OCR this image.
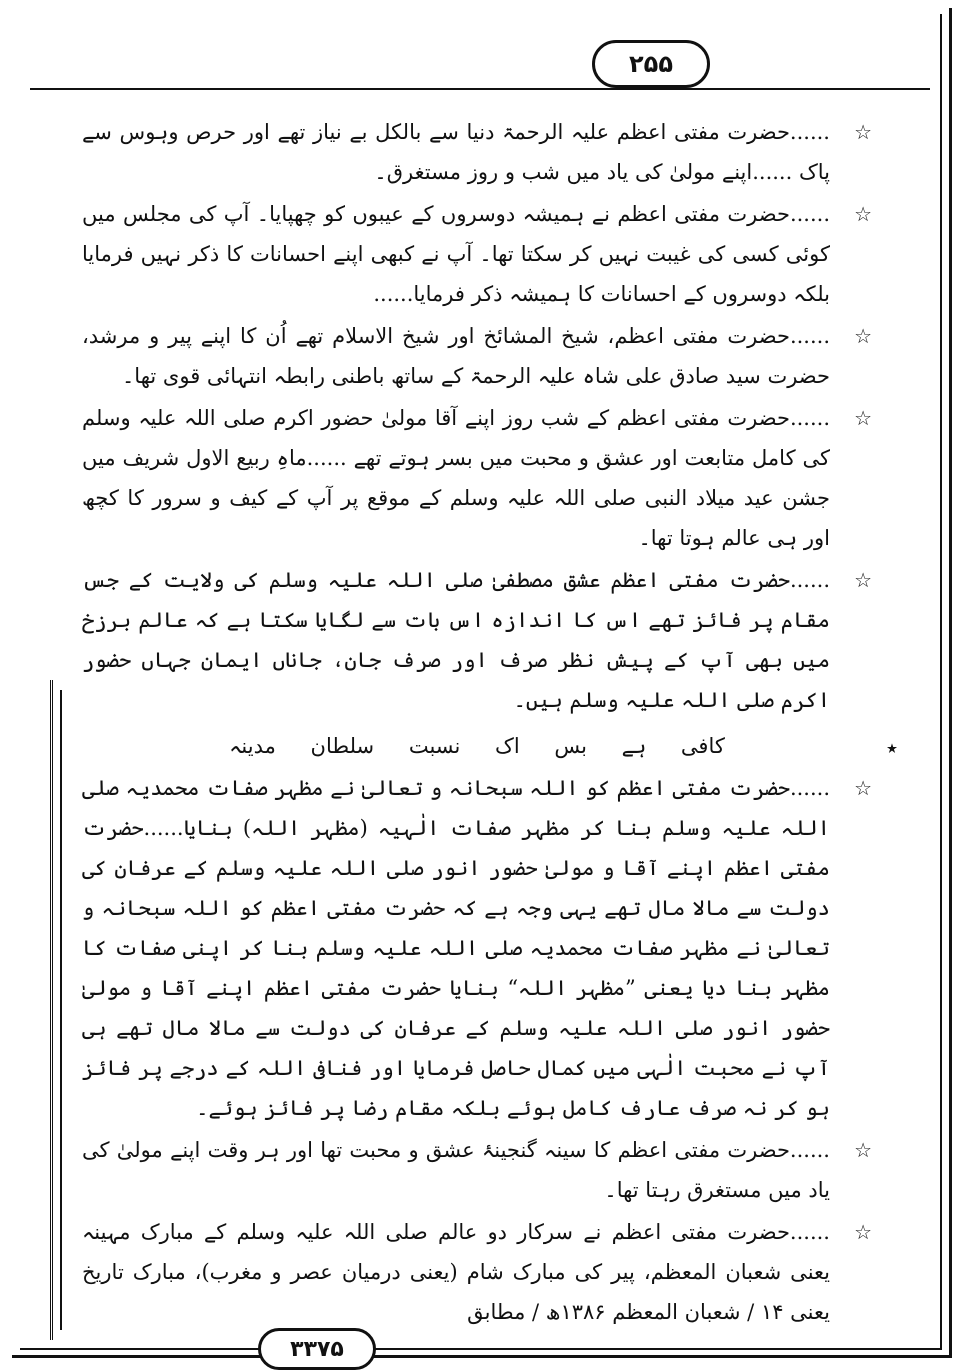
۲۵۵
٭

☆
......حضرت مفتی اعظم علیہ الرحمۃ دنیا سے بالکل بے نیاز تھے اور حرص وہوس سے پاک ......اپنے مولیٰ کی یاد میں شب و روز مستغرق۔

☆
......حضرت مفتی اعظم نے ہمیشہ دوسروں کے عیبوں کو چھپایا۔ آپ کی مجلس میں کوئی کسی کی غیبت نہیں کر سکتا تھا۔ آپ نے کبھی اپنے احسانات کا ذکر نہیں فرمایا بلکہ دوسروں کے احسانات کا ہمیشہ ذکر فرمایا......

☆
......حضرت مفتی اعظم، شیخ المشائخ اور شیخ الاسلام تھے اُن کا اپنے پیر و مرشد، حضرت سید صادق علی شاہ علیہ الرحمۃ کے ساتھ باطنی رابطہ انتہائی قوی تھا۔

☆
......حضرت مفتی اعظم کے شب روز اپنے آقا مولیٰ حضور اکرم صلی اللہ علیہ وسلم کی کامل متابعت اور عشق و محبت میں بسر ہوتے تھے ......ماہِ ربیع الاول شریف میں جشن عید میلاد النبی صلی اللہ علیہ وسلم کے موقع پر آپ کے کیف و سرور کا کچھ اور ہی عالم ہوتا تھا۔

☆
......حضرت مفتی اعظم عشق مصطفیٰ صلی اللہ علیہ وسلم کی ولایت کے جس مقام پر فائز تھے اس کا اندازہ اس بات سے لگایا سکتا ہے کہ عالم برزخ میں بھی آپ کے پیش نظر صرف اور صرف جان، جاناں ایمان جہاں حضور اکرم صلی اللہ علیہ وسلم ہیں۔

کافی ہے بس اک نسبت سلطان مدینہ

☆
......حضرت مفتی اعظم کو اللہ سبحانہ و تعالیٰ نے مظہر صفات محمدیہ صلی اللہ علیہ وسلم بنا کر مظہر صفات الٰہیہ (مظہر اللہ) بنایا......حضرت مفتی اعظم اپنے آقا و مولیٰ حضور انور صلی اللہ علیہ وسلم کے عرفان کی دولت سے مالا مال تھے یہی وجہ ہے کہ حضرت مفتی اعظم کو اللہ سبحانہ و تعالیٰ نے مظہر صفات محمدیہ صلی اللہ علیہ وسلم بنا کر اپنی صفات کا مظہر بنا دیا یعنی ”مظہر اللہ“ بنایا حضرت مفتی اعظم اپنے آقا و مولیٰ حضور انور صلی اللہ علیہ وسلم کے عرفان کی دولت سے مالا مال تھے ہی آپ نے محبت الٰہی میں کمال حاصل فرمایا اور فنافی اللہ کے درجے پر فائز ہو کر نہ صرف عارف کامل ہوئے بلکہ مقام رضا پر فائز ہوئے۔

☆
......حضرت مفتی اعظم کا سینہ گنجینۂ عشق و محبت تھا اور ہر وقت اپنے مولیٰ کی یاد میں مستغرق رہتا تھا۔

☆
......حضرت مفتی اعظم نے سرکار دو عالم صلی اللہ علیہ وسلم کے مبارک مہینہ یعنی شعبان المعظم، پیر کی مبارک شام (یعنی درمیان عصر و مغرب)، مبارک تاریخ یعنی ۱۴ / شعبان المعظم ۱۳۸۶ھ / مطابق

۳۳۷۵
